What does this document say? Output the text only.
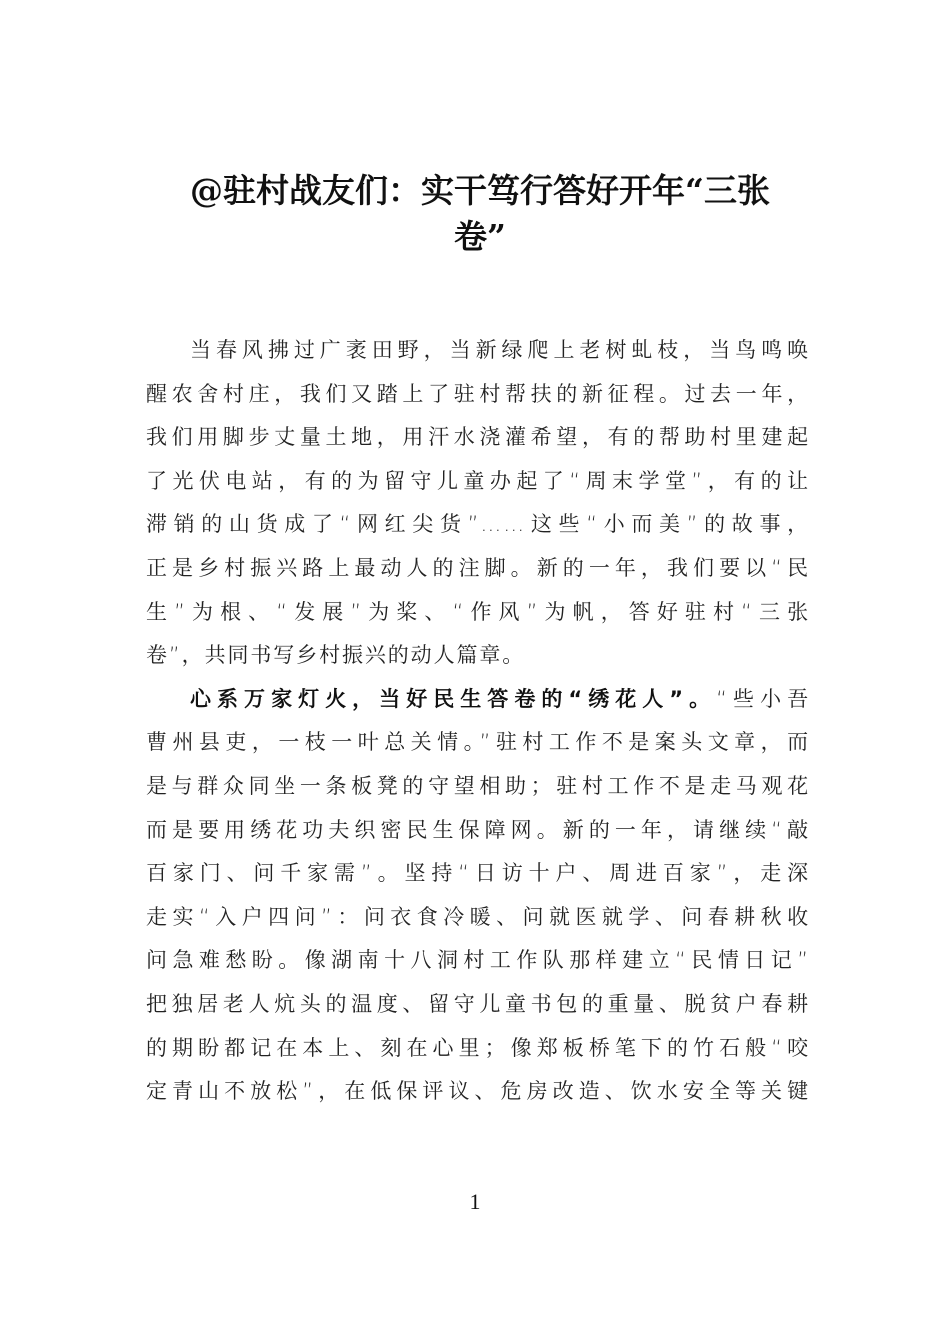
@驻村战友们：实干笃行答好开年“三张
卷”
当春风拂过广袤田野，当新绿爬上老树虬枝，当鸟鸣唤
醒农舍村庄，我们又踏上了驻村帮扶的新征程。过去一年，
我们用脚步丈量土地，用汗水浇灌希望，有的帮助村里建起
了光伏电站，有的为留守儿童办起了“周末学堂”，有的让
滞销的山货成了“网红尖货”……这些“小而美”的故事，
正是乡村振兴路上最动人的注脚。新的一年，我们要以“民
生”为根、“发展”为桨、“作风”为帆，答好驻村“三张
卷”，共同书写乡村振兴的动人篇章。
心系万家灯火，当好民生答卷的“绣花人”。“些小吾
曹州县吏，一枝一叶总关情。”驻村工作不是案头文章，而
是与群众同坐一条板凳的守望相助；驻村工作不是走马观花
而是要用绣花功夫织密民生保障网。新的一年，请继续“敲
百家门、问千家需”。坚持“日访十户、周进百家”，走深
走实“入户四问”：问衣食冷暖、问就医就学、问春耕秋收
问急难愁盼。像湖南十八洞村工作队那样建立“民情日记”
把独居老人炕头的温度、留守儿童书包的重量、脱贫户春耕
的期盼都记在本上、刻在心里；像郑板桥笔下的竹石般“咬
定青山不放松”，在低保评议、危房改造、饮水安全等关键
1
